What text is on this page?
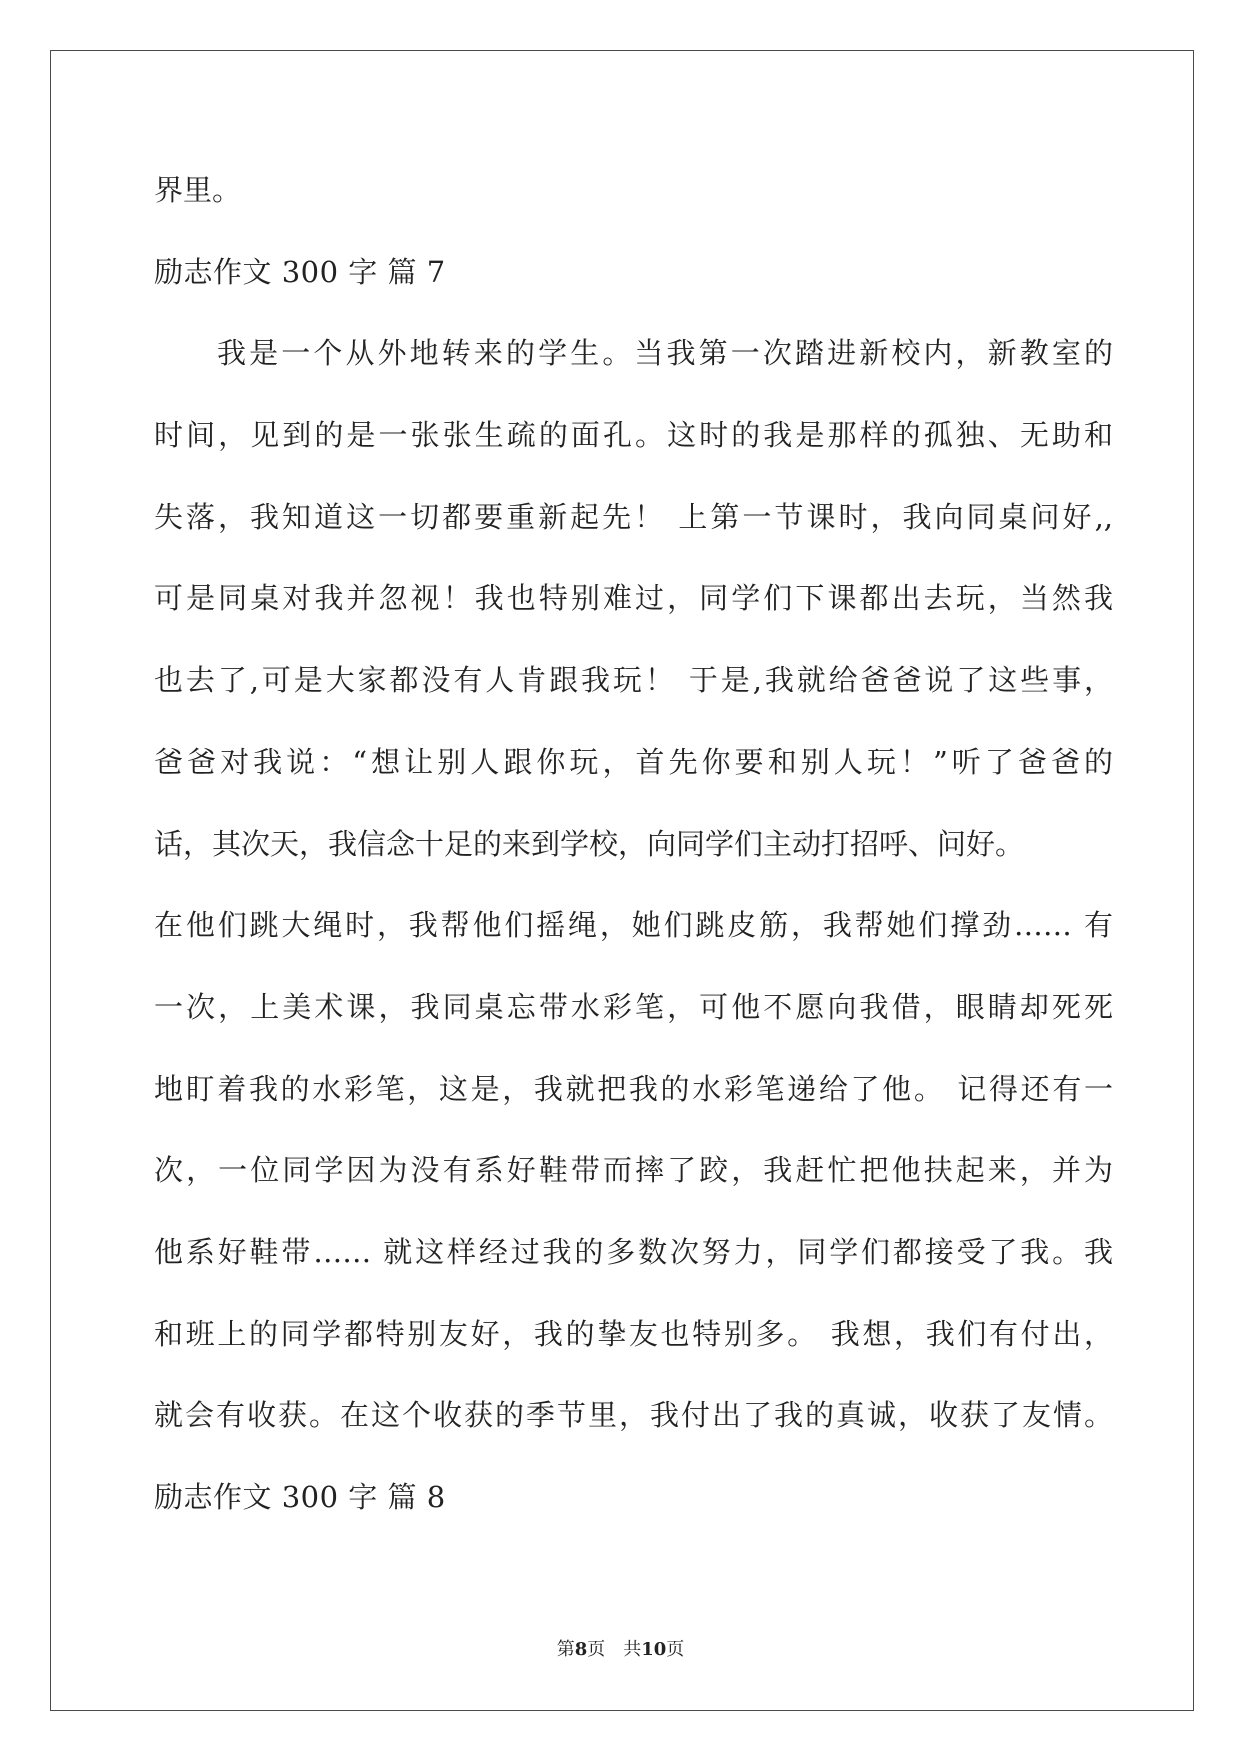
界里。
励志作文 300 字 篇 7
我是一个从外地转来的学生。当我第一次踏进新校内，新教室的
时间，见到的是一张张生疏的面孔。这时的我是那样的孤独、无助和
失落，我知道这一切都要重新起先！ 上第一节课时，我向同桌问好,,
可是同桌对我并忽视！我也特别难过，同学们下课都出去玩，当然我
也去了,可是大家都没有人肯跟我玩！ 于是,我就给爸爸说了这些事，
爸爸对我说：“想让别人跟你玩，首先你要和别人玩！”听了爸爸的
话，其次天，我信念十足的来到学校，向同学们主动打招呼、问好。
在他们跳大绳时，我帮他们摇绳，她们跳皮筋，我帮她们撑劲…… 有
一次，上美术课，我同桌忘带水彩笔，可他不愿向我借，眼睛却死死
地盯着我的水彩笔，这是，我就把我的水彩笔递给了他。 记得还有一
次，一位同学因为没有系好鞋带而摔了跤，我赶忙把他扶起来，并为
他系好鞋带…… 就这样经过我的多数次努力，同学们都接受了我。我
和班上的同学都特别友好，我的挚友也特别多。 我想，我们有付出，
就会有收获。在这个收获的季节里，我付出了我的真诚，收获了友情。
励志作文 300 字 篇 8
第8页 共10页
